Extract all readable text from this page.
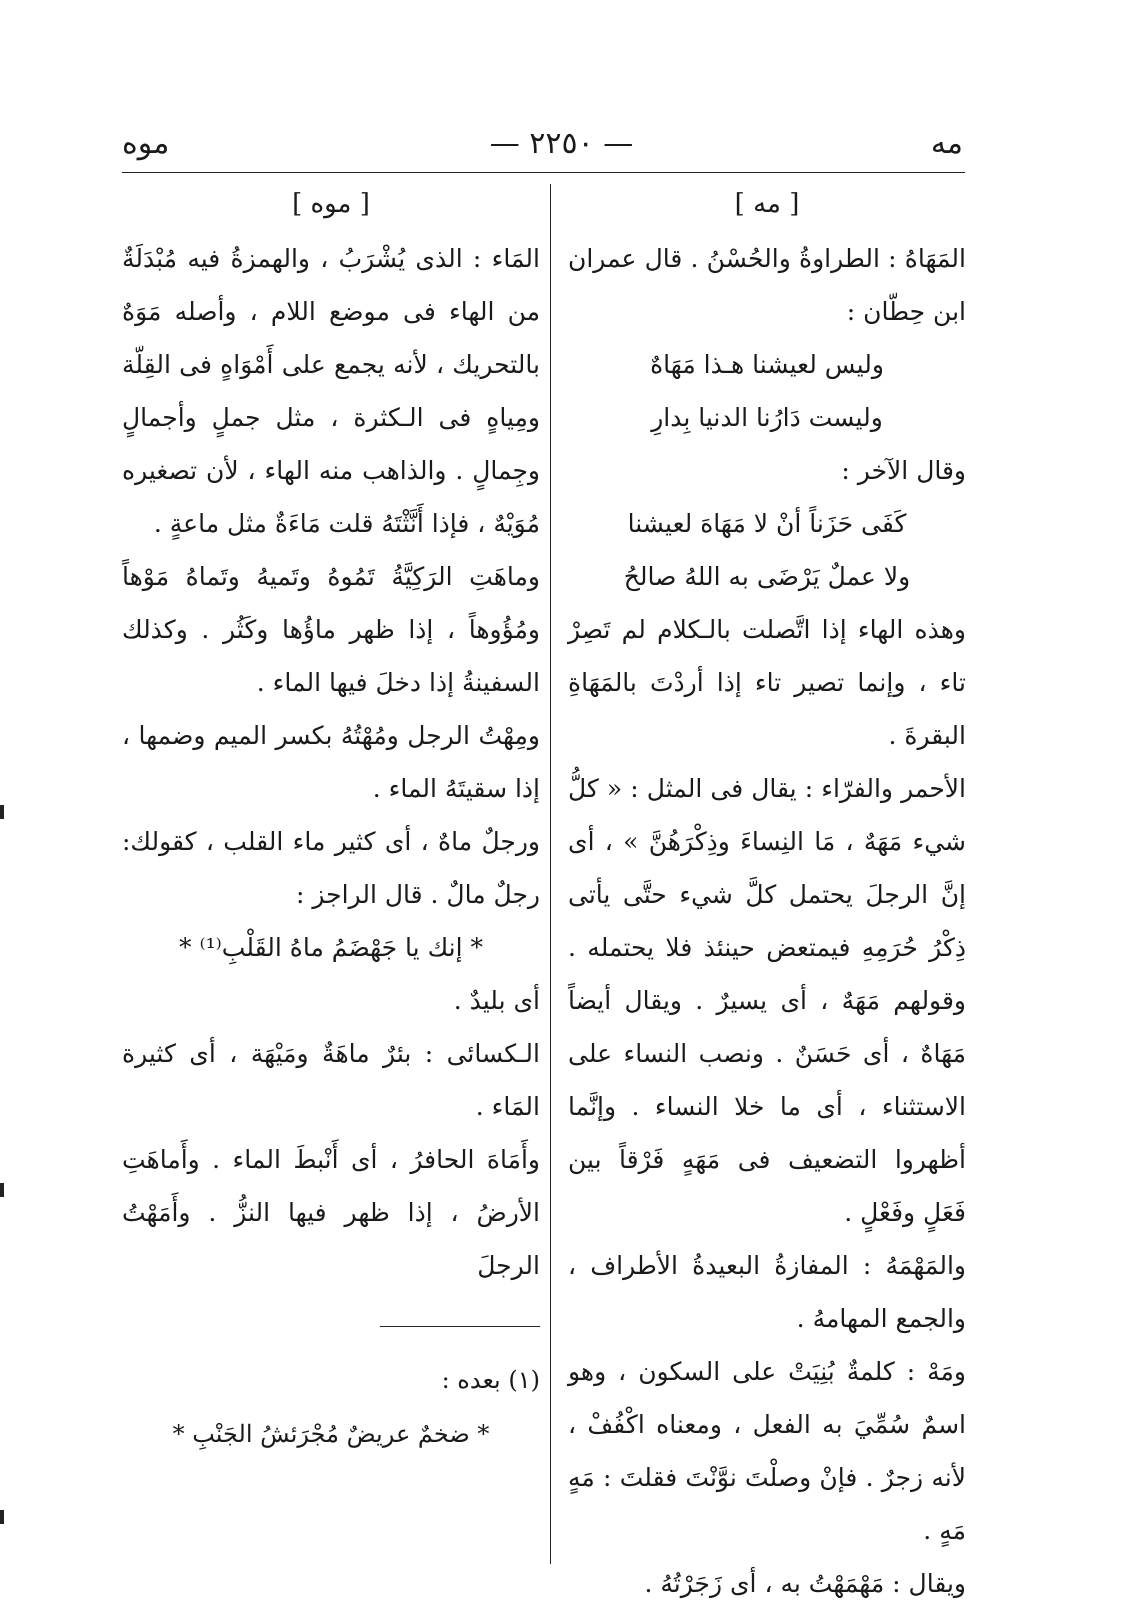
موه	— ٢٢٥٠ —	مه
[ مه ]

المَهَاهُ : الطراوةُ والحُسْنُ . قال عمران ابن حِطّان :

وليس لعيشنا هـذا مَهَاهٌ

وليست دَارُنا الدنيا بِدارِ

وقال الآخر :

كَفَى حَزَناً أنْ لا مَهَاهَ لعيشنا

ولا عملٌ يَرْضَى به اللهُ صالحُ

وهذه الهاء إذا اتَّصلت بالـكلام لم تَصِرْ تاء ، وإنما تصير تاء إذا أردْتَ بالمَهَاةِ البقرةَ .

الأحمر والفرّاء : يقال فى المثل : « كلُّ شيء مَهَهٌ ، مَا النِساءَ وذِكْرَهُنَّ » ، أى إنَّ الرجلَ يحتمل كلَّ شيء حتَّى يأتى ذِكْرُ حُرَمِهِ فيمتعض حينئذ فلا يحتمله . وقولهم مَهَهٌ ، أى يسيرٌ . ويقال أيضاً مَهَاهٌ ، أى حَسَنٌ . ونصب النساء على الاستثناء ، أى ما خلا النساء . وإنَّما أظهروا التضعيف فى مَهَهٍ فَرْقاً بين فَعَلٍ وفَعْلٍ .

والمَهْمَهُ : المفازةُ البعيدةُ الأطراف ، والجمع المهامهُ .

ومَهْ : كلمةٌ بُنِيَتْ على السكون ، وهو اسمٌ سُمِّيَ به الفعل ، ومعناه اكْفُفْ ، لأنه زجرٌ . فإنْ وصلْتَ نوَّنْتَ فقلتَ : مَهٍ مَهٍ .

ويقال : مَهْمَهْتُ به ، أى زَجَرْتُهُ .

[ موه ]

المَاء : الذى يُشْرَبُ ، والهمزةُ فيه مُبْدَلَةٌ من الهاء فى موضع اللام ، وأصله مَوَهٌ بالتحريك ، لأنه يجمع على أَمْوَاهٍ فى القِلّة ومِياهٍ فى الـكثرة ، مثل جملٍ وأجمالٍ وجِمالٍ . والذاهب منه الهاء ، لأن تصغيره مُوَيْهٌ ، فإذا أَنَّثْتَهُ قلت مَاءَةٌ مثل ماعةٍ .

وماهَتِ الرَكِيَّةُ تَمُوهُ وتَميهُ وتَماهُ مَوْهاً ومُؤُوهاً ، إذا ظهر ماؤُها وكَثُر . وكذلك السفينةُ إذا دخلَ فيها الماء .

ومِهْتُ الرجل ومُهْتُهُ بكسر الميم وضمها ، إذا سقيتَهُ الماء .

ورجلٌ ماهٌ ، أى كثير ماء القلب ، كقولك: رجلٌ مالٌ . قال الراجز :

* إنك يا جَهْضَمُ ماهُ القَلْبِ⁽¹⁾ *

أى بليدٌ .

الـكسائى : بئرٌ ماهَةٌ ومَيْهَة ، أى كثيرة المَاء .

وأَمَاهَ الحافرُ ، أى أَنْبطَ الماء . وأَماهَتِ الأرضُ ، إذا ظهر فيها النزُّ . وأَمَهْتُ الرجلَ

(١) بعده :

* ضخمٌ عريضٌ مُجْرَئشُ الجَنْبِ *
